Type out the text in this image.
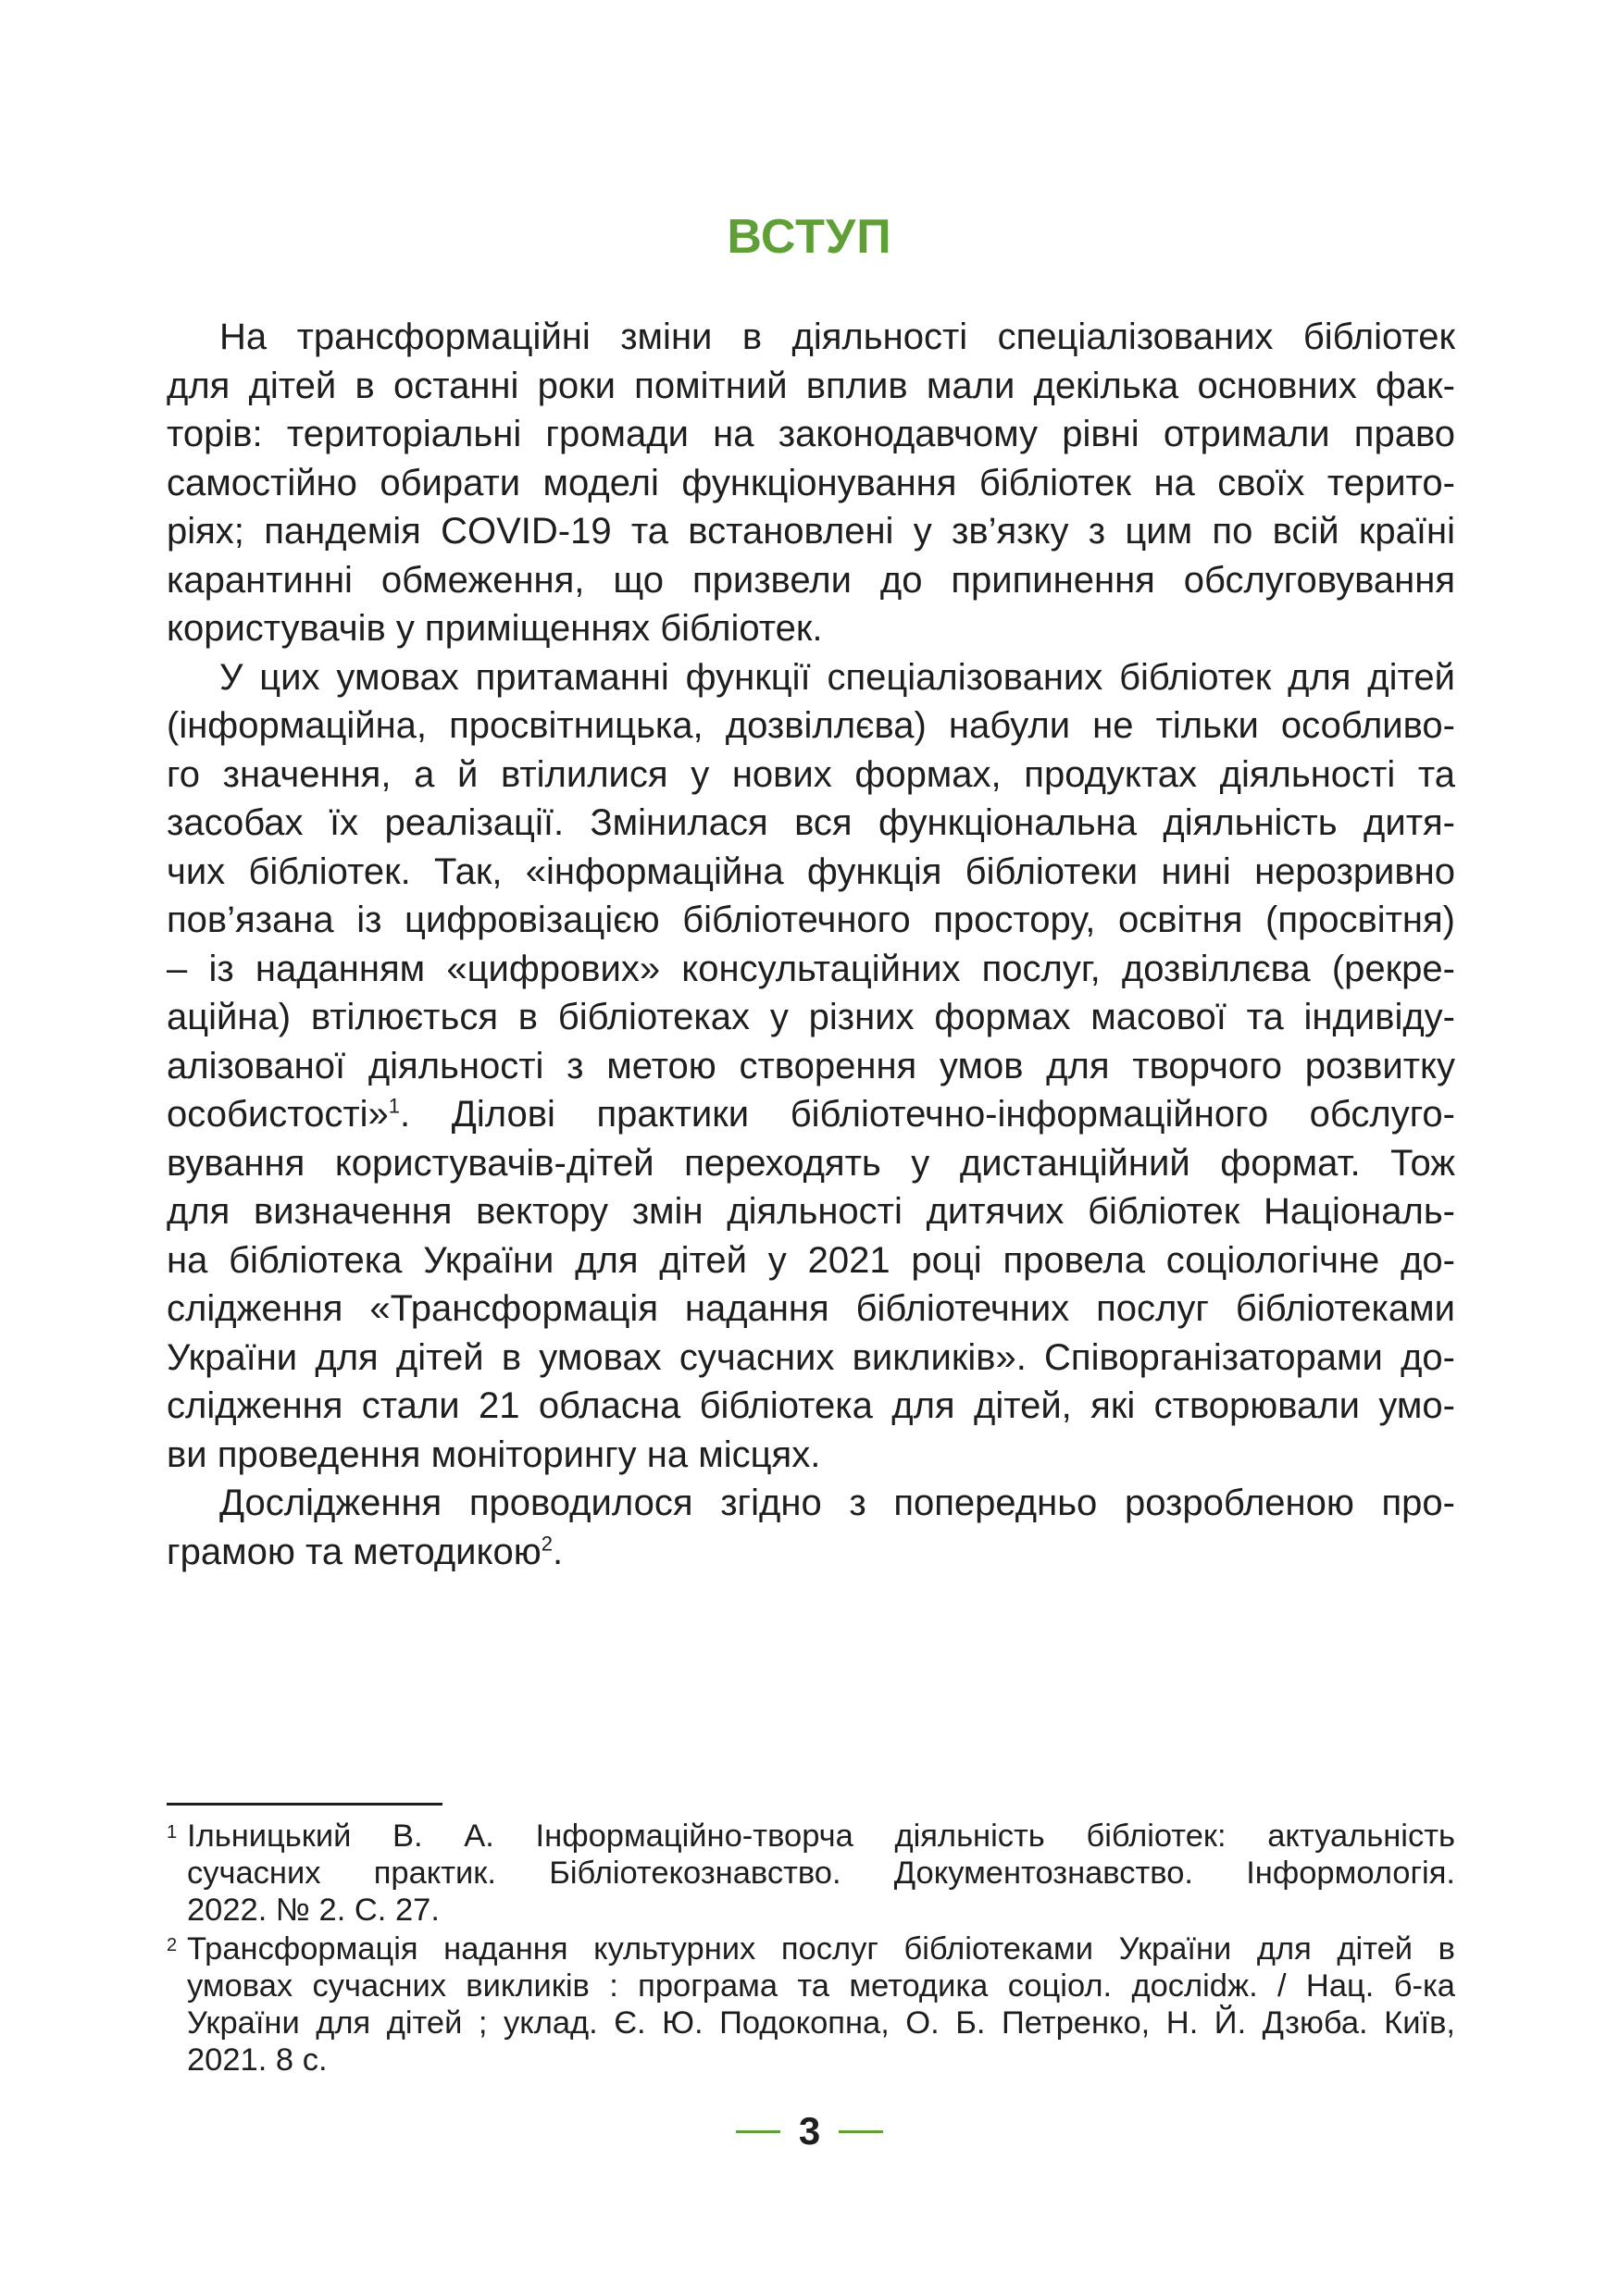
ВСТУП

На трансформаційні зміни в діяльності спеціалізованих бібліотек
для дітей в останні роки помітний вплив мали декілька основних фак-
торів: територіальні громади на законодавчому рівні отримали право
самостійно обирати моделі функціонування бібліотек на своїх терито-
ріях; пандемія COVID-19 та встановлені у зв’язку з цим по всій країні
карантинні обмеження, що призвели до припинення обслуговування
користувачів у приміщеннях бібліотек.

У цих умовах притаманні функції спеціалізованих бібліотек для дітей
(інформаційна, просвітницька, дозвіллєва) набули не тільки особливо-
го значення, а й втілилися у нових формах, продуктах діяльності та
засобах їх реалізації. Змінилася вся функціональна діяльність дитя-
чих бібліотек. Так, «інформаційна функція бібліотеки нині нерозривно
пов’язана із цифровізацією бібліотечного простору, освітня (просвітня)
– із наданням «цифрових» консультаційних послуг, дозвіллєва (рекре-
аційна) втілюється в бібліотеках у різних формах масової та індивіду-
алізованої діяльності з метою створення умов для творчого розвитку
особистості»$^1$. Ділові практики бібліотечно-інформаційного обслуго-
вування користувачів-дітей переходять у дистанційний формат. Тож
для визначення вектору змін діяльності дитячих бібліотек Національ-
на бібліотека України для дітей у 2021 році провела соціологічне до-
слідження «Трансформація надання бібліотечних послуг бібліотеками
України для дітей в умовах сучасних викликів». Співорганізаторами до-
слідження стали 21 обласна бібліотека для дітей, які створювали умо-
ви проведення моніторингу на місцях.

Дослідження проводилося згідно з попередньо розробленою про-
грамою та методикою$^2$.

1 Ільницький В. А. Інформаційно-творча діяльність бібліотек: актуальність
сучасних практик. Бібліотекознавство. Документознавство. Інформологія.
2022. № 2. С. 27.
2 Трансформація надання культурних послуг бібліотеками України для дітей в
умовах сучасних викликів : програма та методика соціол. досліdж. / Нац. б-ка
України для дітей ; уклад. Є. Ю. Подокопна, О. Б. Петренко, Н. Й. Дзюба. Київ,
2021. 8 с.
3
